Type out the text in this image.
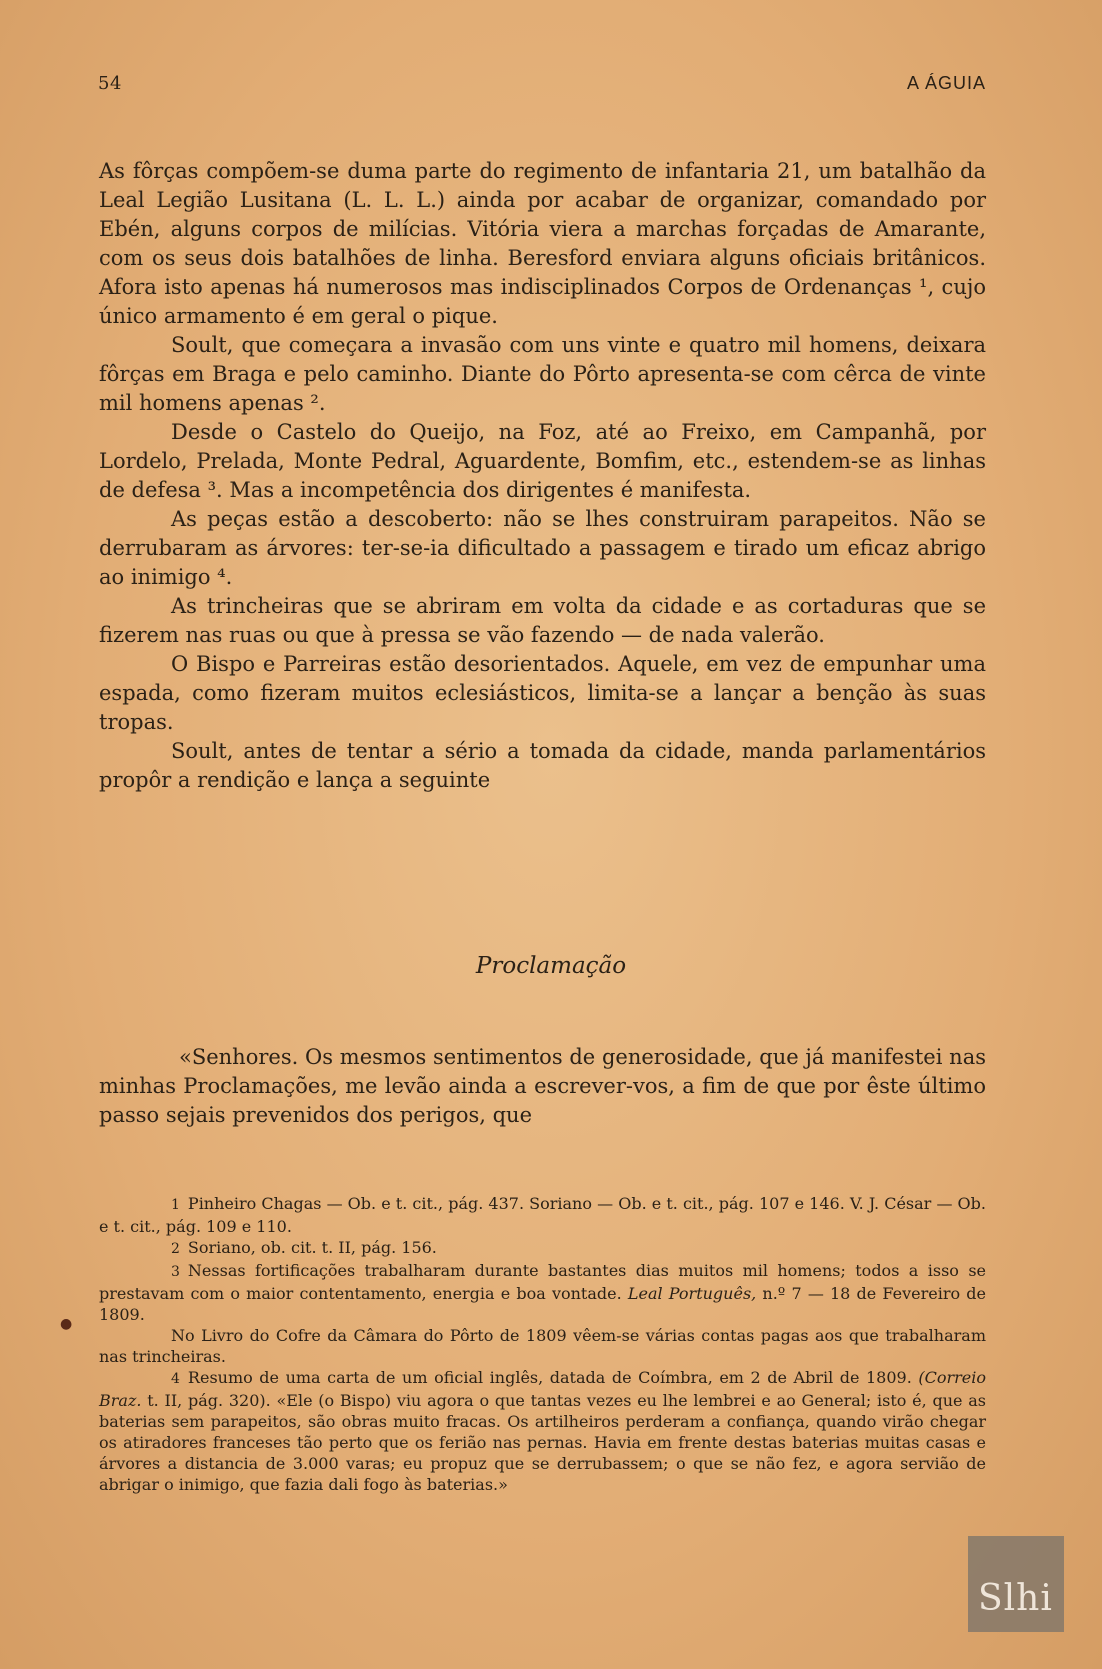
54	A ÁGUIA

As fôrças compõem-se duma parte do regimento de infantaria 21, um batalhão da Leal Legião Lusitana (L. L. L.) ainda por acabar de organizar, comandado por Ebén, alguns corpos de milícias. Vitória viera a marchas forçadas de Amarante, com os seus dois batalhões de linha. Beresford enviara alguns oficiais britânicos. Afora isto apenas há numerosos mas indisciplinados Corpos de Ordenanças ¹, cujo único armamento é em geral o pique.

Soult, que começara a invasão com uns vinte e quatro mil homens, deixara fôrças em Braga e pelo caminho. Diante do Pôrto apresenta-se com cêrca de vinte mil homens apenas ².

Desde o Castelo do Queijo, na Foz, até ao Freixo, em Campanhã, por Lordelo, Prelada, Monte Pedral, Aguardente, Bomfim, etc., estendem-se as linhas de defesa ³. Mas a incompetência dos dirigentes é manifesta.

As peças estão a descoberto: não se lhes construiram parapeitos. Não se derrubaram as árvores: ter-se-ia dificultado a passagem e tirado um eficaz abrigo ao inimigo ⁴.

As trincheiras que se abriram em volta da cidade e as cortaduras que se fizerem nas ruas ou que à pressa se vão fazendo — de nada valerão.

O Bispo e Parreiras estão desorientados. Aquele, em vez de empunhar uma espada, como fizeram muitos eclesiásticos, limita-se a lançar a benção às suas tropas.

Soult, antes de tentar a sério a tomada da cidade, manda parlamentários propôr a rendição e lança a seguinte

Proclamação

«Senhores. Os mesmos sentimentos de generosidade, que já manifestei nas minhas Proclamações, me levão ainda a escrever-vos, a fim de que por êste último passo sejais prevenidos dos perigos, que

1 Pinheiro Chagas — Ob. e t. cit., pág. 437. Soriano — Ob. e t. cit., pág. 107 e 146. V. J. César — Ob. e t. cit., pág. 109 e 110.

2 Soriano, ob. cit. t. II, pág. 156.

3 Nessas fortificações trabalharam durante bastantes dias muitos mil homens; todos a isso se prestavam com o maior contentamento, energia e boa vontade. Leal Português, n.º 7 — 18 de Fevereiro de 1809.

No Livro do Cofre da Câmara do Pôrto de 1809 vêem-se várias contas pagas aos que trabalharam nas trincheiras.

4 Resumo de uma carta de um oficial inglês, datada de Coímbra, em 2 de Abril de 1809. (Correio Braz. t. II, pág. 320). «Ele (o Bispo) viu agora o que tantas vezes eu lhe lembrei e ao General; isto é, que as baterias sem parapeitos, são obras muito fracas. Os artilheiros perderam a confiança, quando virão chegar os atiradores franceses tão perto que os ferião nas pernas. Havia em frente destas baterias muitas casas e árvores a distancia de 3.000 varas; eu propuz que se derrubassem; o que se não fez, e agora servião de abrigar o inimigo, que fazia dali fogo às baterias.»

●
Slhi
